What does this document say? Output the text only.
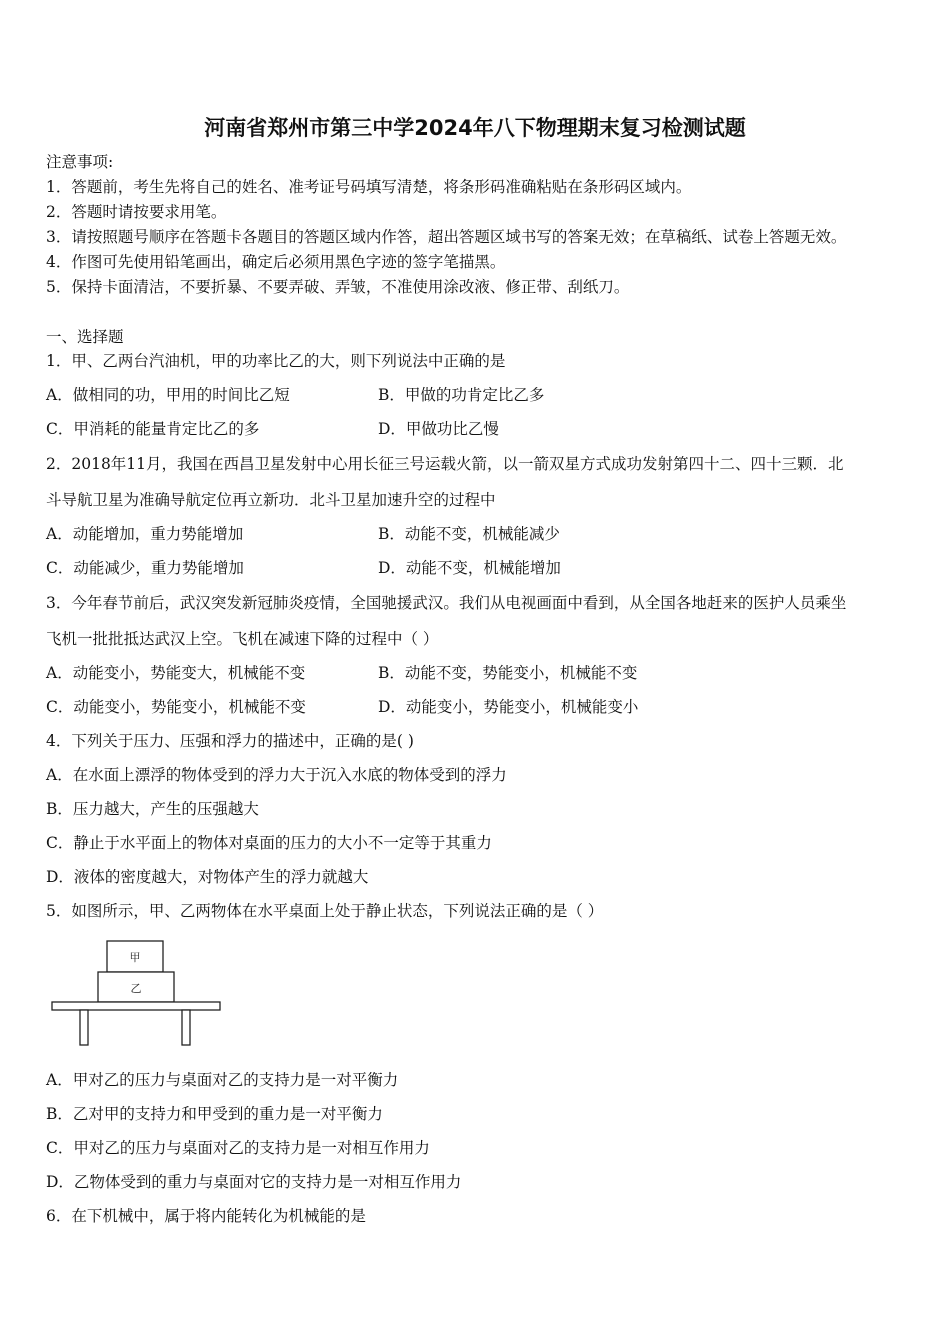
河南省郑州市第三中学2024年八下物理期末复习检测试题
注意事项:
1．答题前，考生先将自己的姓名、准考证号码填写清楚，将条形码准确粘贴在条形码区域内。
2．答题时请按要求用笔。
3．请按照题号顺序在答题卡各题目的答题区域内作答，超出答题区域书写的答案无效；在草稿纸、试卷上答题无效。
4．作图可先使用铅笔画出，确定后必须用黑色字迹的签字笔描黑。
5．保持卡面清洁，不要折暴、不要弄破、弄皱，不准使用涂改液、修正带、刮纸刀。
一、选择题
1．甲、乙两台汽油机，甲的功率比乙的大，则下列说法中正确的是
A．做相同的功，甲用的时间比乙短	B．甲做的功肯定比乙多
C．甲消耗的能量肯定比乙的多	D．甲做功比乙慢
2．2018年11月，我国在西昌卫星发射中心用长征三号运载火箭，以一箭双星方式成功发射第四十二、四十三颗．北
斗导航卫星为准确导航定位再立新功．北斗卫星加速升空的过程中
A．动能增加，重力势能增加	B．动能不变，机械能减少
C．动能减少，重力势能增加	D．动能不变，机械能增加
3．今年春节前后，武汉突发新冠肺炎疫情，全国驰援武汉。我们从电视画面中看到，从全国各地赶来的医护人员乘坐
飞机一批批抵达武汉上空。飞机在减速下降的过程中（ ）
A．动能变小，势能变大，机械能不变	B．动能不变，势能变小，机械能不变
C．动能变小，势能变小，机械能不变	D．动能变小，势能变小，机械能变小
4．下列关于压力、压强和浮力的描述中，正确的是( )
A．在水面上漂浮的物体受到的浮力大于沉入水底的物体受到的浮力
B．压力越大，产生的压强越大
C．静止于水平面上的物体对桌面的压力的大小不一定等于其重力
D．液体的密度越大，对物体产生的浮力就越大
5．如图所示，甲、乙两物体在水平桌面上处于静止状态，下列说法正确的是（ ）
甲
乙
A．甲对乙的压力与桌面对乙的支持力是一对平衡力
B．乙对甲的支持力和甲受到的重力是一对平衡力
C．甲对乙的压力与桌面对乙的支持力是一对相互作用力
D．乙物体受到的重力与桌面对它的支持力是一对相互作用力
6．在下机械中，属于将内能转化为机械能的是
